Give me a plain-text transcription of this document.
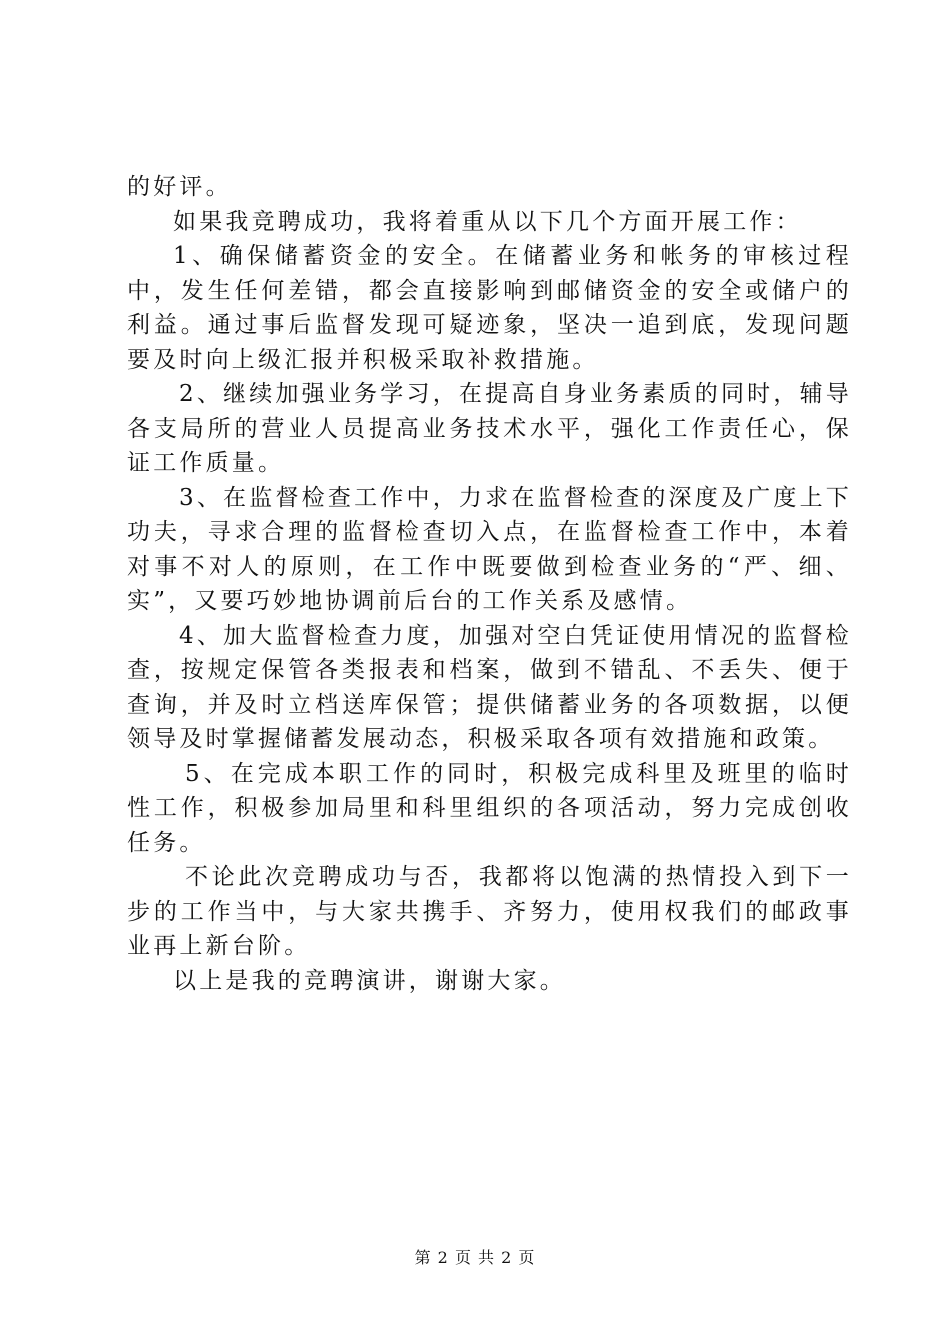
的好评。

如果我竞聘成功，我将着重从以下几个方面开展工作：

1、确保储蓄资金的安全。在储蓄业务和帐务的审核过程中，发生任何差错，都会直接影响到邮储资金的安全或储户的利益。通过事后监督发现可疑迹象，坚决一追到底，发现问题要及时向上级汇报并积极采取补救措施。

2、继续加强业务学习，在提高自身业务素质的同时，辅导各支局所的营业人员提高业务技术水平，强化工作责任心，保证工作质量。

3、在监督检查工作中，力求在监督检查的深度及广度上下功夫，寻求合理的监督检查切入点，在监督检查工作中，本着对事不对人的原则，在工作中既要做到检查业务的“严、细、实”，又要巧妙地协调前后台的工作关系及感情。

4、加大监督检查力度，加强对空白凭证使用情况的监督检查，按规定保管各类报表和档案，做到不错乱、不丢失、便于查询，并及时立档送库保管；提供储蓄业务的各项数据，以便领导及时掌握储蓄发展动态，积极采取各项有效措施和政策。

5、在完成本职工作的同时，积极完成科里及班里的临时性工作，积极参加局里和科里组织的各项活动，努力完成创收任务。

不论此次竞聘成功与否，我都将以饱满的热情投入到下一步的工作当中，与大家共携手、齐努力，使用权我们的邮政事业再上新台阶。

以上是我的竞聘演讲，谢谢大家。

第 2 页 共 2 页
